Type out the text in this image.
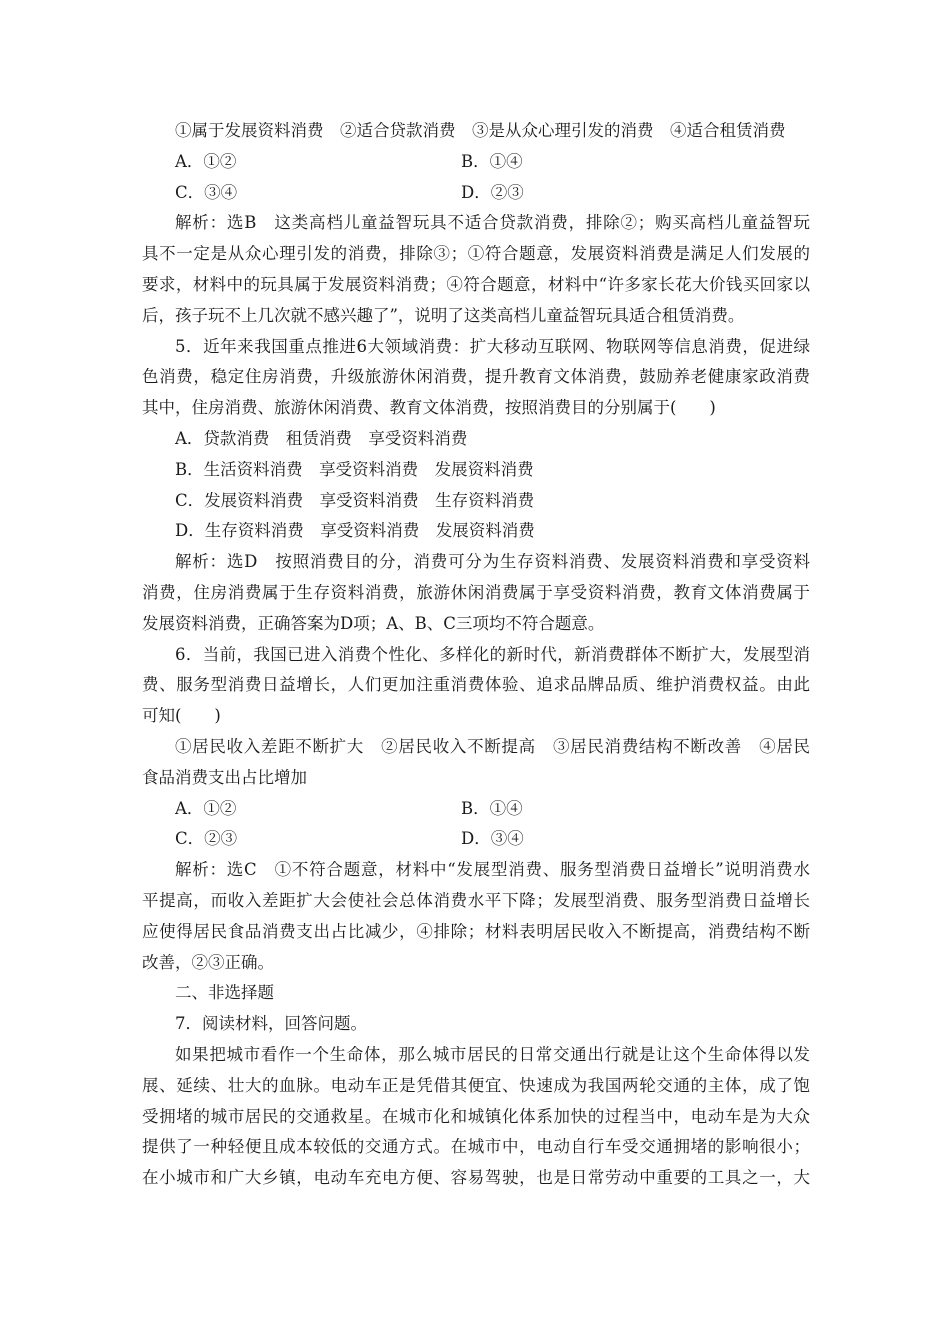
①属于发展资料消费　②适合贷款消费　③是从众心理引发的消费　④适合租赁消费
A．①②	B．①④
C．③④	D．②③
解析：选B　这类高档儿童益智玩具不适合贷款消费，排除②；购买高档儿童益智玩
具不一定是从众心理引发的消费，排除③；①符合题意，发展资料消费是满足人们发展的
要求，材料中的玩具属于发展资料消费；④符合题意，材料中“许多家长花大价钱买回家以
后，孩子玩不上几次就不感兴趣了”，说明了这类高档儿童益智玩具适合租赁消费。
5．近年来我国重点推进6大领域消费：扩大移动互联网、物联网等信息消费，促进绿
色消费，稳定住房消费，升级旅游休闲消费，提升教育文体消费，鼓励养老健康家政消费
其中，住房消费、旅游休闲消费、教育文体消费，按照消费目的分别属于(　　)
A．贷款消费　租赁消费　享受资料消费
B．生活资料消费　享受资料消费　发展资料消费
C．发展资料消费　享受资料消费　生存资料消费
D．生存资料消费　享受资料消费　发展资料消费
解析：选D　按照消费目的分，消费可分为生存资料消费、发展资料消费和享受资料
消费，住房消费属于生存资料消费，旅游休闲消费属于享受资料消费，教育文体消费属于
发展资料消费，正确答案为D项；A、B、C三项均不符合题意。
6．当前，我国已进入消费个性化、多样化的新时代，新消费群体不断扩大，发展型消
费、服务型消费日益增长，人们更加注重消费体验、追求品牌品质、维护消费权益。由此
可知(　　)
①居民收入差距不断扩大　②居民收入不断提高　③居民消费结构不断改善　④居民
食品消费支出占比增加
A．①②	B．①④
C．②③	D．③④
解析：选C　①不符合题意，材料中“发展型消费、服务型消费日益增长”说明消费水
平提高，而收入差距扩大会使社会总体消费水平下降；发展型消费、服务型消费日益增长
应使得居民食品消费支出占比减少，④排除；材料表明居民收入不断提高，消费结构不断
改善，②③正确。
二、非选择题
7．阅读材料，回答问题。
如果把城市看作一个生命体，那么城市居民的日常交通出行就是让这个生命体得以发
展、延续、壮大的血脉。电动车正是凭借其便宜、快速成为我国两轮交通的主体，成了饱
受拥堵的城市居民的交通救星。在城市化和城镇化体系加快的过程当中，电动车是为大众
提供了一种轻便且成本较低的交通方式。在城市中，电动自行车受交通拥堵的影响很小；
在小城市和广大乡镇，电动车充电方便、容易驾驶，也是日常劳动中重要的工具之一，大
